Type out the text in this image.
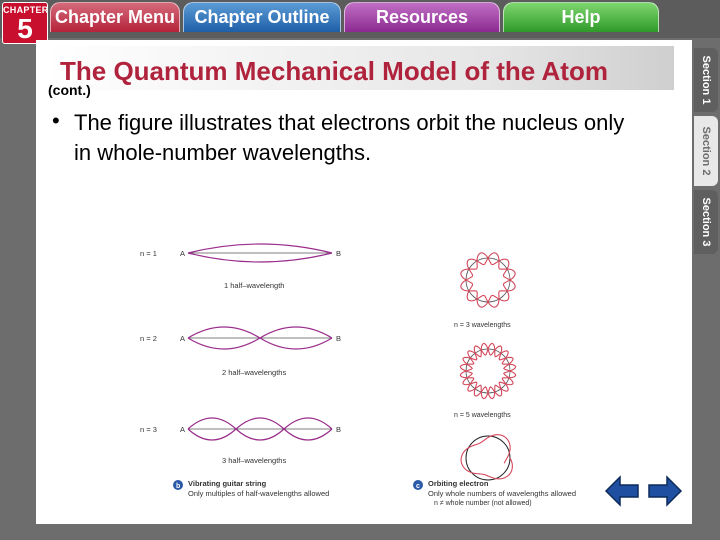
CHAPTER
5	Chapter Menu	Chapter Outline	Resources	Help
Section 1
Section 2
Section 3
The Quantum Mechanical Model of the Atom
(cont.)
• The figure illustrates that electrons orbit the nucleus only in whole-number wavelengths.
n = 1	A	B
1 half–wavelength
n = 2	A	B
2 half–wavelengths
n = 3	A	B
3 half–wavelengths
n = 3 wavelengths
n = 5 wavelengths
n ≠ whole number (not allowed)
b Vibrating guitar string
Only multiples of half-wavelengths allowed
c Orbiting electron
Only whole numbers of wavelengths allowed
